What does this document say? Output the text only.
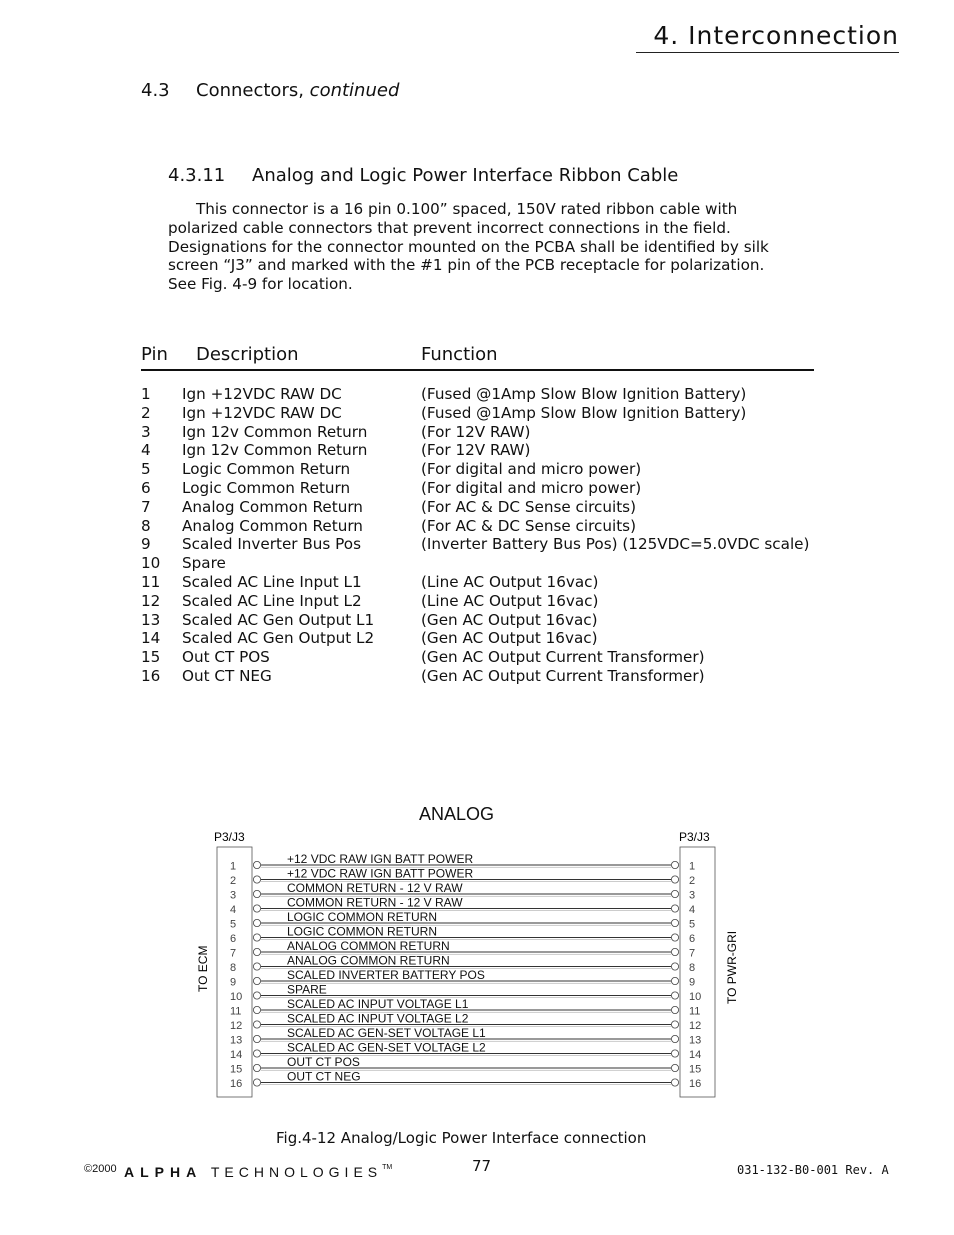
4. Interconnection
4.3 Connectors, continued
4.3.11 Analog and Logic Power Interface Ribbon Cable
This connector is a 16 pin 0.100” spaced, 150V rated ribbon cable with
polarized cable connectors that prevent incorrect connections in the field.
Designations for the connector mounted on the PCBA shall be identified by silk
screen “J3” and marked with the #1 pin of the PCB receptacle for polarization.
See Fig. 4-9 for location.
Pin Description	Function
1 Ign +12VDC RAW DC	(Fused @1Amp Slow Blow Ignition Battery)
2 Ign +12VDC RAW DC	(Fused @1Amp Slow Blow Ignition Battery)
3 Ign 12v Common Return	(For 12V RAW)
4 Ign 12v Common Return	(For 12V RAW)
5 Logic Common Return	(For digital and micro power)
6 Logic Common Return	(For digital and micro power)
7 Analog Common Return	(For AC & DC Sense circuits)
8 Analog Common Return	(For AC & DC Sense circuits)
9 Scaled Inverter Bus Pos	(Inverter Battery Bus Pos) (125VDC=5.0VDC scale)
10 Spare
11 Scaled AC Line Input L1	(Line AC Output 16vac)
12 Scaled AC Line Input L2	(Line AC Output 16vac)
13 Scaled AC Gen Output L1	(Gen AC Output 16vac)
14 Scaled AC Gen Output L2	(Gen AC Output 16vac)
15 Out CT POS	(Gen AC Output Current Transformer)
16 Out CT NEG	(Gen AC Output Current Transformer)
ANALOG
P3/J3	P3/J3
TO ECM	TO PWR-GRI
1	1
+12 VDC RAW IGN BATT POWER
2	2
+12 VDC RAW IGN BATT POWER
3	3
COMMON RETURN - 12 V RAW
4	4
COMMON RETURN - 12 V RAW
5	5
LOGIC COMMON RETURN
6	6
LOGIC COMMON RETURN
7	7
ANALOG COMMON RETURN
8	8
ANALOG COMMON RETURN
9	9
SCALED INVERTER BATTERY POS
10	10
SPARE
11	11
SCALED AC INPUT VOLTAGE L1
12	12
SCALED AC INPUT VOLTAGE L2
13	13
SCALED AC GEN-SET VOLTAGE L1
14	14
SCALED AC GEN-SET VOLTAGE L2
15	15
OUT CT POS
16	16
OUT CT NEG
Fig.4-12 Analog/Logic Power Interface connection
©2000 ALPHA TECHNOLOGIES™	77	031-132-B0-001 Rev. A
